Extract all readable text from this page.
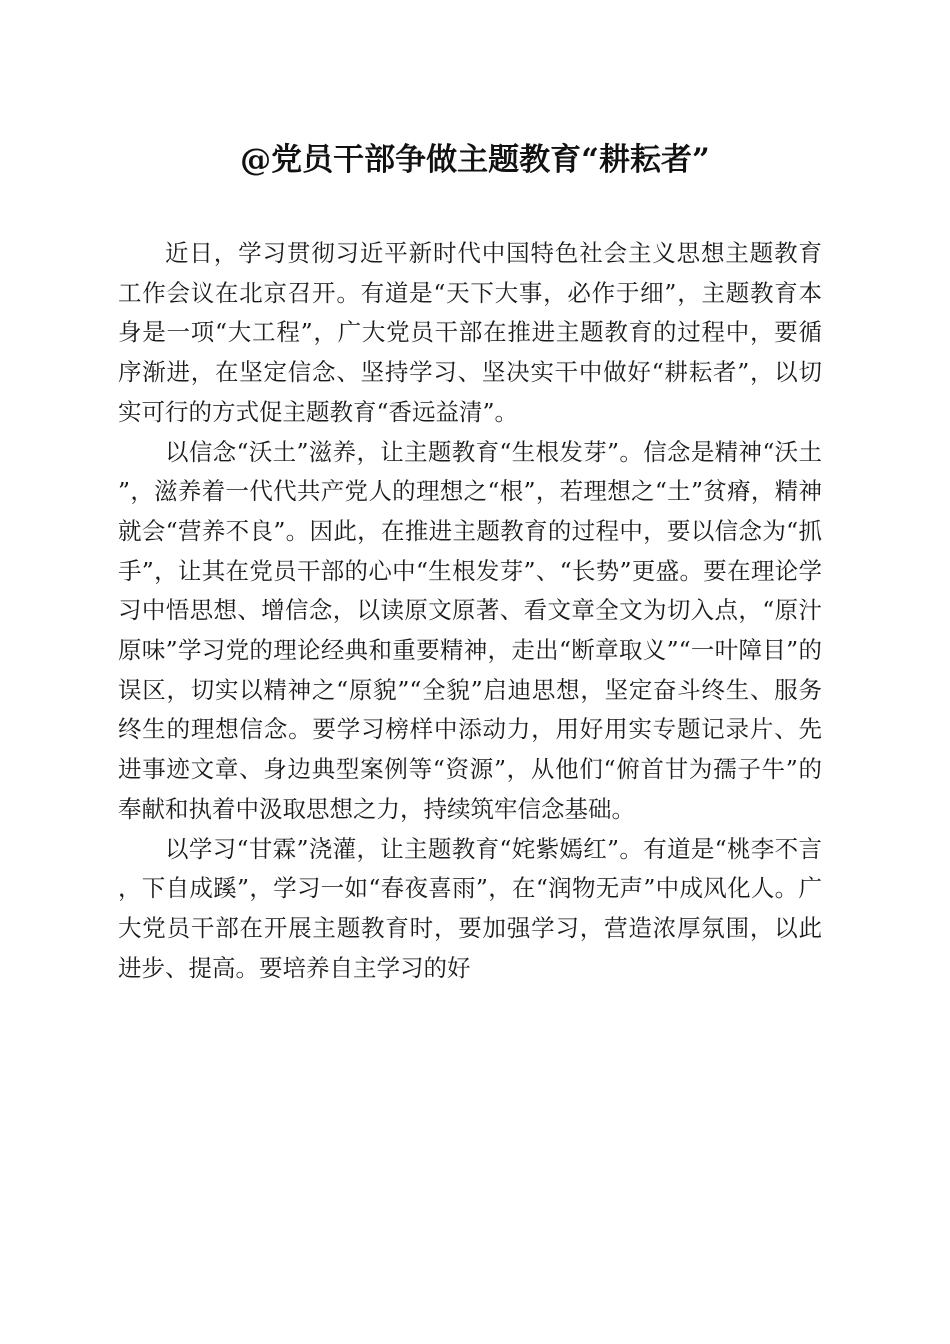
@党员干部争做主题教育“耕耘者”

近日，学习贯彻习近平新时代中国特色社会主义思想主题教育工作会议在北京召开。有道是“天下大事，必作于细”，主题教育本身是一项“大工程”，广大党员干部在推进主题教育的过程中，要循序渐进，在坚定信念、坚持学习、坚决实干中做好“耕耘者”，以切实可行的方式促主题教育“香远益清”。

以信念“沃土”滋养，让主题教育“生根发芽”。信念是精神“沃土”，滋养着一代代共产党人的理想之“根”，若理想之“土”贫瘠，精神就会“营养不良”。因此，在推进主题教育的过程中，要以信念为“抓手”，让其在党员干部的心中“生根发芽”、“长势”更盛。要在理论学习中悟思想、增信念，以读原文原著、看文章全文为切入点，“原汁原味”学习党的理论经典和重要精神，走出“断章取义”“一叶障目”的误区，切实以精神之“原貌”“全貌”启迪思想，坚定奋斗终生、服务终生的理想信念。要学习榜样中添动力，用好用实专题记录片、先进事迹文章、身边典型案例等“资源”，从他们“俯首甘为孺子牛”的奉献和执着中汲取思想之力，持续筑牢信念基础。

以学习“甘霖”浇灌，让主题教育“姹紫嫣红”。有道是“桃李不言，下自成蹊”，学习一如“春夜喜雨”，在“润物无声”中成风化人。广大党员干部在开展主题教育时，要加强学习，营造浓厚氛围，以此进步、提高。要培养自主学习的好
